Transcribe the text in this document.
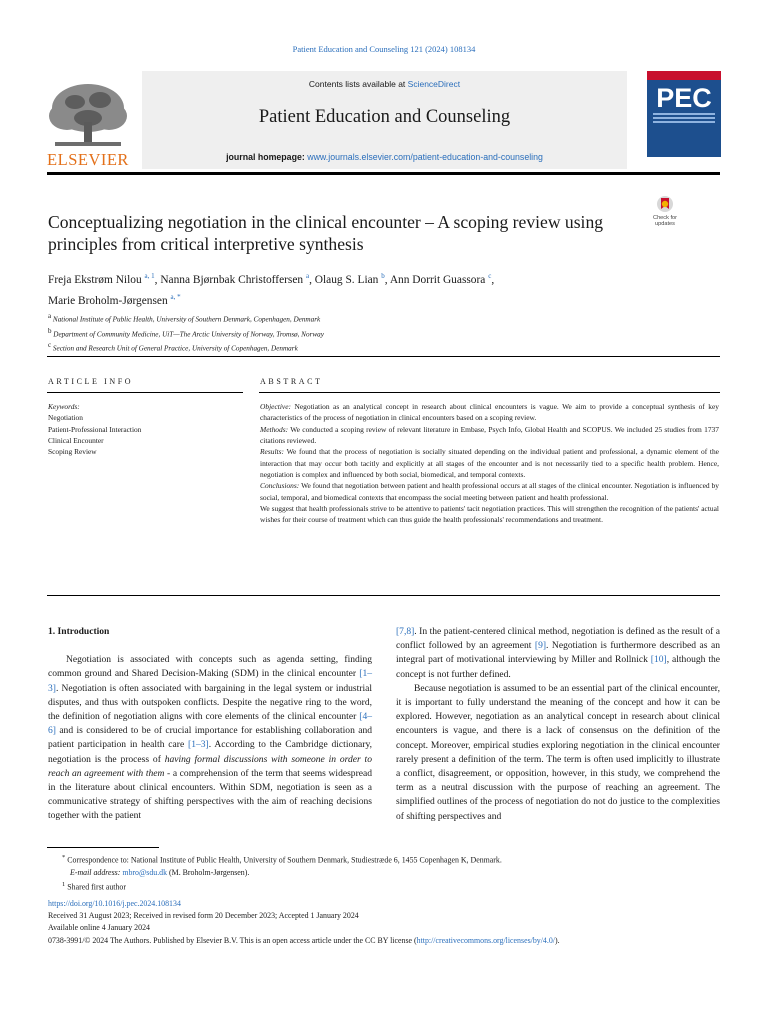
Patient Education and Counseling 121 (2024) 108134
Contents lists available at ScienceDirect
Patient Education and Counseling
journal homepage: www.journals.elsevier.com/patient-education-and-counseling
ELSEVIER
PEC
Conceptualizing negotiation in the clinical encounter – A scoping review using principles from critical interpretive synthesis
Check for
updates
Freja Ekstrøm Nilou $^{a, 1}$, Nanna Bjørnbak Christoffersen $^a$, Olaug S. Lian $^b$, Ann Dorrit Guassora $^c$,
Marie Broholm-Jørgensen $^{a, *}$
$^a$ National Institute of Public Health, University of Southern Denmark, Copenhagen, Denmark
$^b$ Department of Community Medicine, UiT—The Arctic University of Norway, Tromsø, Norway
$^c$ Section and Research Unit of General Practice, University of Copenhagen, Denmark
ARTICLE INFO	ABSTRACT
Keywords:
Negotiation
Patient-Professional Interaction
Clinical Encounter
Scoping Review

Objective: Negotiation as an analytical concept in research about clinical encounters is vague. We aim to provide a conceptual synthesis of key characteristics of the process of negotiation in clinical encounters based on a scoping review.

Methods: We conducted a scoping review of relevant literature in Embase, Psych Info, Global Health and SCOPUS. We included 25 studies from 1737 citations reviewed.

Results: We found that the process of negotiation is socially situated depending on the individual patient and professional, a dynamic element of the interaction that may occur both tacitly and explicitly at all stages of the encounter and is not necessarily tied to a specific health problem. Hence, negotiation is complex and influenced by both social, biomedical, and temporal contexts.

Conclusions: We found that negotiation between patient and health professional occurs at all stages of the clinical encounter. Negotiation is influenced by social, temporal, and biomedical contexts that encompass the social meeting between patient and health professional.

We suggest that health professionals strive to be attentive to patients' tacit negotiation practices. This will strengthen the recognition of the patients' actual wishes for their course of treatment which can thus guide the health professionals' recommendations and treatment.

1. Introduction

Negotiation is associated with concepts such as agenda setting, finding common ground and Shared Decision-Making (SDM) in the clinical encounter [1–3]. Negotiation is often associated with bargaining in the legal system or industrial disputes, and thus with outspoken conflicts. Despite the negative ring to the word, the definition of negotiation aligns with core elements of the clinical encounter [4–6] and is considered to be of crucial importance for establishing collaboration and patient participation in health care [1–3]. According to the Cambridge dictionary, negotiation is the process of having formal discussions with someone in order to reach an agreement with them - a comprehension of the term that seems widespread in the literature about clinical encounters. Within SDM, negotiation is seen as a communicative strategy of shifting perspectives with the aim of reaching decisions together with the patient

[7,8]. In the patient-centered clinical method, negotiation is defined as the result of a conflict followed by an agreement [9]. Negotiation is furthermore described as an integral part of motivational interviewing by Miller and Rollnick [10], although the concept is not further defined.

Because negotiation is assumed to be an essential part of the clinical encounter, it is important to fully understand the meaning of the concept and how it can be explored. However, negotiation as an analytical concept in research about clinical encounters is vague, and there is a lack of consensus on the definition of the concept. Moreover, empirical studies exploring negotiation in the clinical encounter rarely present a definition of the term. The term is often used implicitly to illustrate a conflict, disagreement, or opposition, however, in this study, we comprehend the term as a neutral discussion with the purpose of reaching an agreement. The simplified outlines of the process of negotiation do not do justice to the complexities of shifting perspectives and

* Correspondence to: National Institute of Public Health, University of Southern Denmark, Studiestræde 6, 1455 Copenhagen K, Denmark.

E-mail address: mbro@sdu.dk (M. Broholm-Jørgensen).

$^1$ Shared first author

https://doi.org/10.1016/j.pec.2024.108134

Received 31 August 2023; Received in revised form 20 December 2023; Accepted 1 January 2024

Available online 4 January 2024

0738-3991/© 2024 The Authors. Published by Elsevier B.V. This is an open access article under the CC BY license (http://creativecommons.org/licenses/by/4.0/).
